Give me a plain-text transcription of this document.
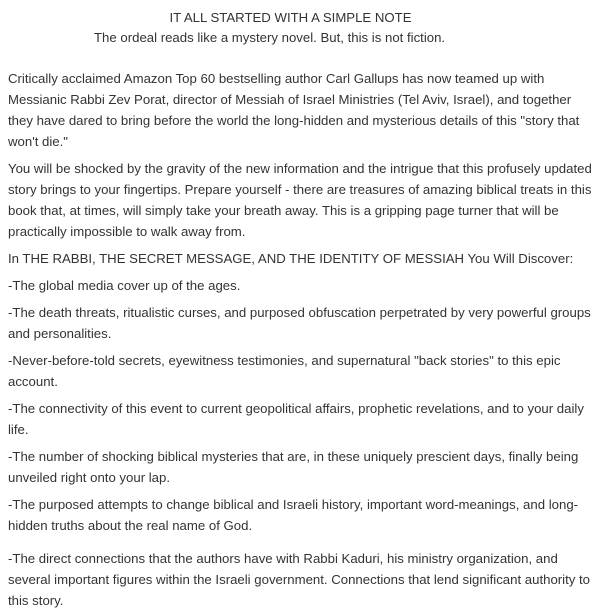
IT ALL STARTED WITH A SIMPLE NOTE
The ordeal reads like a mystery novel. But, this is not fiction.

Critically acclaimed Amazon Top 60 bestselling author Carl Gallups has now teamed up with Messianic Rabbi Zev Porat, director of Messiah of Israel Ministries (Tel Aviv, Israel), and together they have dared to bring before the world the long-hidden and mysterious details of this "story that won't die."

You will be shocked by the gravity of the new information and the intrigue that this profusely updated story brings to your fingertips. Prepare yourself - there are treasures of amazing biblical treats in this book that, at times, will simply take your breath away. This is a gripping page turner that will be practically impossible to walk away from.

In THE RABBI, THE SECRET MESSAGE, AND THE IDENTITY OF MESSIAH You Will Discover:

-The global media cover up of the ages.

-The death threats, ritualistic curses, and purposed obfuscation perpetrated by very powerful groups and personalities.

-Never-before-told secrets, eyewitness testimonies, and supernatural "back stories" to this epic account.

-The connectivity of this event to current geopolitical affairs, prophetic revelations, and to your daily life.

-The number of shocking biblical mysteries that are, in these uniquely prescient days, finally being unveiled right onto your lap.

-The purposed attempts to change biblical and Israeli history, important word-meanings, and long-hidden truths about the real name of God.

-The direct connections that the authors have with Rabbi Kaduri, his ministry organization, and several important figures within the Israeli government. Connections that lend significant authority to this story.
